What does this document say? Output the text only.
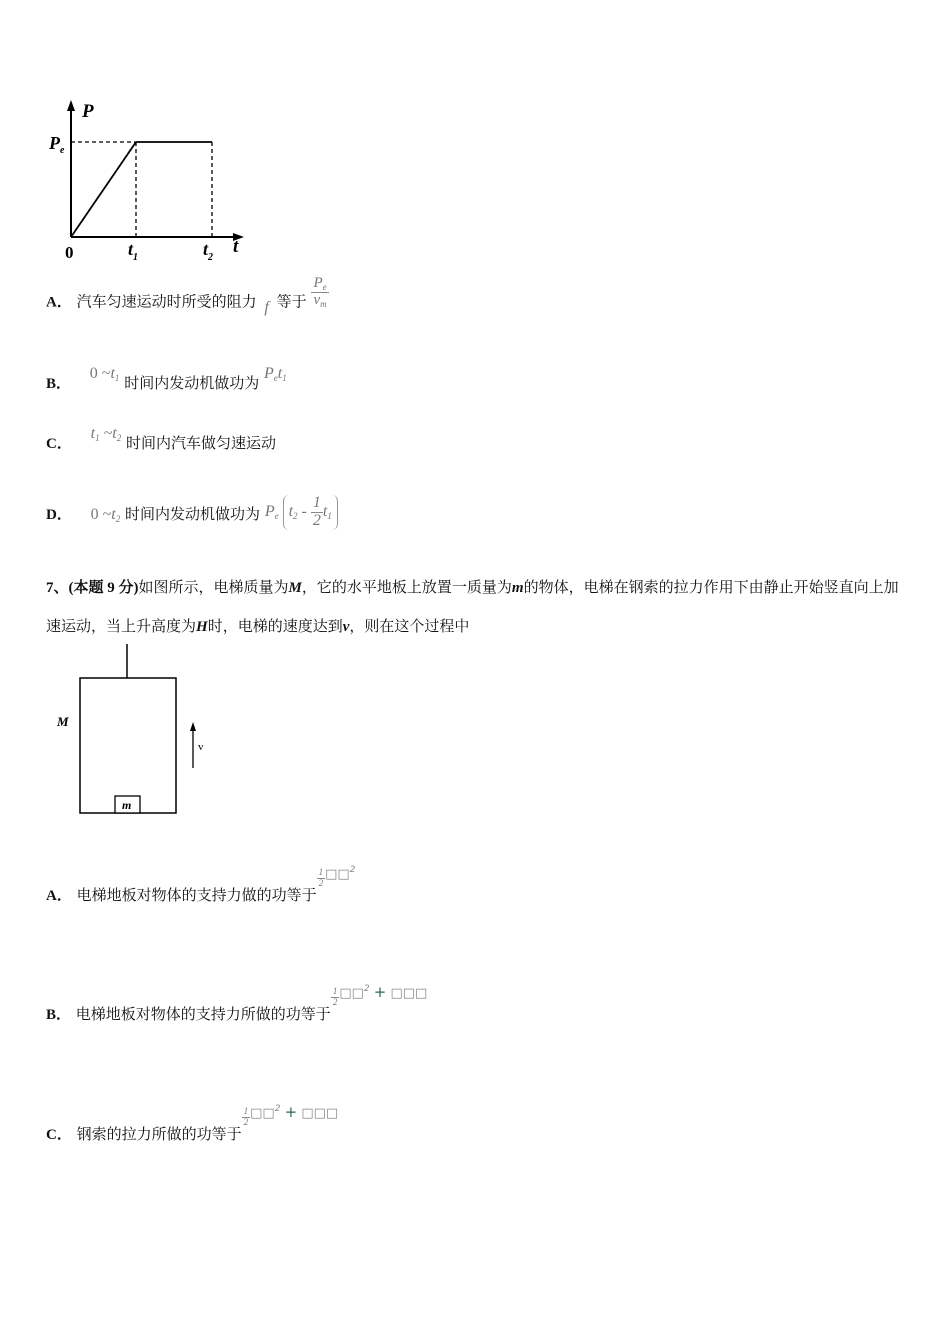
P
$P_e$
0	$t_1$	$t_2$
t
A． 汽车匀速运动时所受的阻力 f 等于 $\frac{P_e}{v_m}$
B． 0 ~t1 时间内发动机做功为 Pet1
C． t1 ~t2 时间内汽车做匀速运动
D． 0 ~t2 时间内发动机做功为 Pe $t2 - \frac{1}{2} t1$
7、(本题 9 分)如图所示，电梯质量为M，它的水平地板上放置一质量为m的物体，电梯在钢索的拉力作用下由静止开始竖直向上加速运动，当上升高度为H时，电梯的速度达到v，则在这个过程中
m
M
v
A． 电梯地板对物体的支持力做的功等于
$\frac{1}{2}$ □□$^2$
B． 电梯地板对物体的支持力所做的功等于
$\frac{1}{2}$ □□$^2$ + □□□
C． 钢索的拉力所做的功等于
$\frac{1}{2}$ □□$^2$ + □□□
